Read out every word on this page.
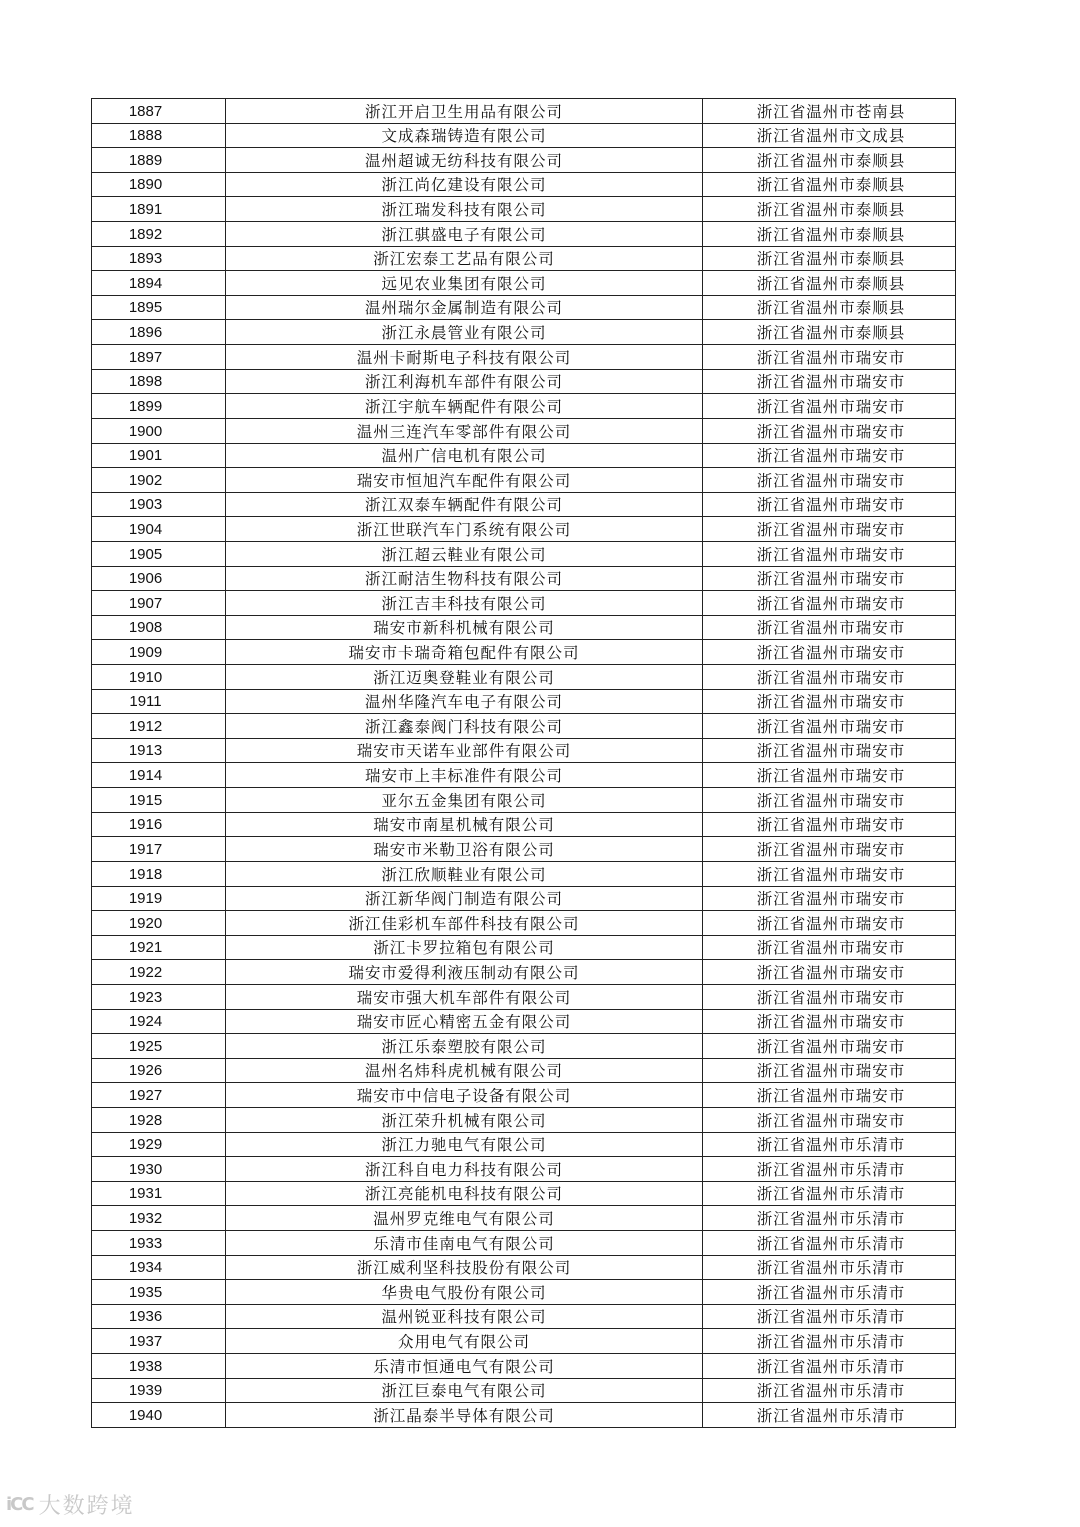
1887	浙江开启卫生用品有限公司	浙江省温州市苍南县
1888	文成森瑞铸造有限公司	浙江省温州市文成县
1889	温州超诚无纺科技有限公司	浙江省温州市泰顺县
1890	浙江尚亿建设有限公司	浙江省温州市泰顺县
1891	浙江瑞发科技有限公司	浙江省温州市泰顺县
1892	浙江骐盛电子有限公司	浙江省温州市泰顺县
1893	浙江宏泰工艺品有限公司	浙江省温州市泰顺县
1894	远见农业集团有限公司	浙江省温州市泰顺县
1895	温州瑞尔金属制造有限公司	浙江省温州市泰顺县
1896	浙江永晨管业有限公司	浙江省温州市泰顺县
1897	温州卡耐斯电子科技有限公司	浙江省温州市瑞安市
1898	浙江利海机车部件有限公司	浙江省温州市瑞安市
1899	浙江宇航车辆配件有限公司	浙江省温州市瑞安市
1900	温州三连汽车零部件有限公司	浙江省温州市瑞安市
1901	温州广信电机有限公司	浙江省温州市瑞安市
1902	瑞安市恒旭汽车配件有限公司	浙江省温州市瑞安市
1903	浙江双泰车辆配件有限公司	浙江省温州市瑞安市
1904	浙江世联汽车门系统有限公司	浙江省温州市瑞安市
1905	浙江超云鞋业有限公司	浙江省温州市瑞安市
1906	浙江耐洁生物科技有限公司	浙江省温州市瑞安市
1907	浙江吉丰科技有限公司	浙江省温州市瑞安市
1908	瑞安市新科机械有限公司	浙江省温州市瑞安市
1909	瑞安市卡瑞奇箱包配件有限公司	浙江省温州市瑞安市
1910	浙江迈奥登鞋业有限公司	浙江省温州市瑞安市
1911	温州华隆汽车电子有限公司	浙江省温州市瑞安市
1912	浙江鑫泰阀门科技有限公司	浙江省温州市瑞安市
1913	瑞安市天诺车业部件有限公司	浙江省温州市瑞安市
1914	瑞安市上丰标准件有限公司	浙江省温州市瑞安市
1915	亚尔五金集团有限公司	浙江省温州市瑞安市
1916	瑞安市南星机械有限公司	浙江省温州市瑞安市
1917	瑞安市米勒卫浴有限公司	浙江省温州市瑞安市
1918	浙江欣顺鞋业有限公司	浙江省温州市瑞安市
1919	浙江新华阀门制造有限公司	浙江省温州市瑞安市
1920	浙江佳彩机车部件科技有限公司	浙江省温州市瑞安市
1921	浙江卡罗拉箱包有限公司	浙江省温州市瑞安市
1922	瑞安市爱得利液压制动有限公司	浙江省温州市瑞安市
1923	瑞安市强大机车部件有限公司	浙江省温州市瑞安市
1924	瑞安市匠心精密五金有限公司	浙江省温州市瑞安市
1925	浙江乐泰塑胶有限公司	浙江省温州市瑞安市
1926	温州名炜科虎机械有限公司	浙江省温州市瑞安市
1927	瑞安市中信电子设备有限公司	浙江省温州市瑞安市
1928	浙江荣升机械有限公司	浙江省温州市瑞安市
1929	浙江力驰电气有限公司	浙江省温州市乐清市
1930	浙江科自电力科技有限公司	浙江省温州市乐清市
1931	浙江亮能机电科技有限公司	浙江省温州市乐清市
1932	温州罗克维电气有限公司	浙江省温州市乐清市
1933	乐清市佳南电气有限公司	浙江省温州市乐清市
1934	浙江威利坚科技股份有限公司	浙江省温州市乐清市
1935	华贵电气股份有限公司	浙江省温州市乐清市
1936	温州锐亚科技有限公司	浙江省温州市乐清市
1937	众用电气有限公司	浙江省温州市乐清市
1938	乐清市恒通电气有限公司	浙江省温州市乐清市
1939	浙江巨泰电气有限公司	浙江省温州市乐清市
1940	浙江晶泰半导体有限公司	浙江省温州市乐清市
iCC 大数跨境
